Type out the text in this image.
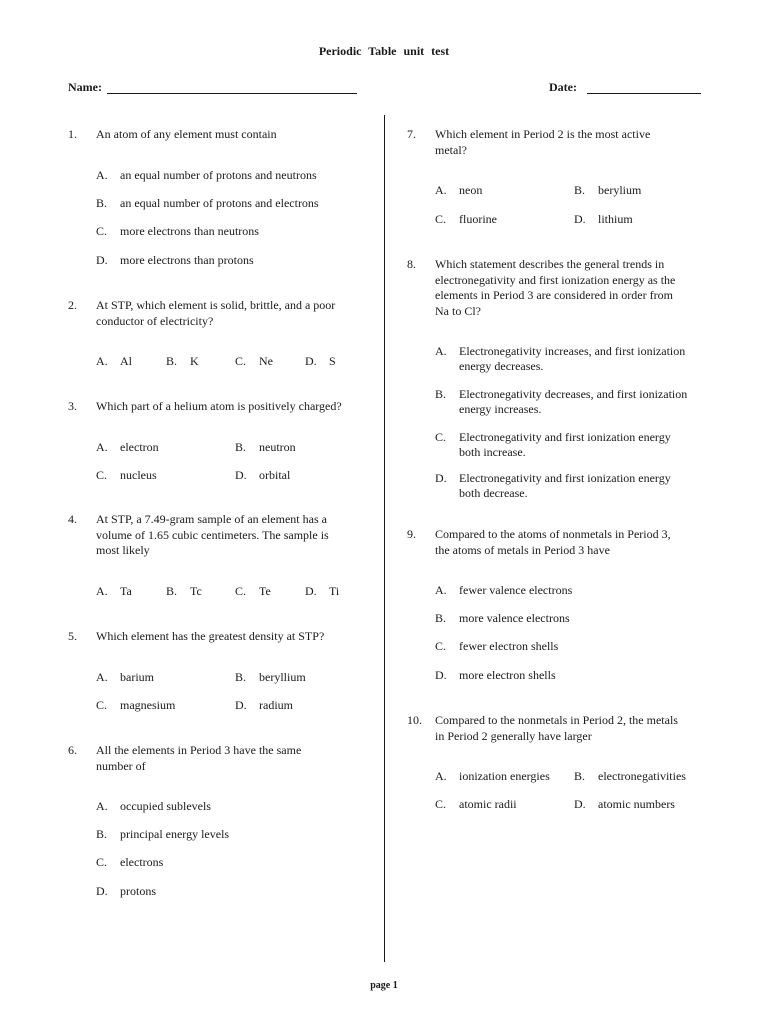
Periodic Table unit test
Name:	Date:
1. An atom of any element must contain
A. an equal number of protons and neutrons
B. an equal number of protons and electrons
C. more electrons than neutrons
D. more electrons than protons
2. At STP, which element is solid, brittle, and a poor
conductor of electricity?
A. Al	B. K	C. Ne	D. S
3. Which part of a helium atom is positively charged?
A. electron	B. neutron
C. nucleus	D. orbital
4. At STP, a 7.49-gram sample of an element has a
volume of 1.65 cubic centimeters. The sample is
most likely
A. Ta	B. Tc	C. Te	D. Ti
5. Which element has the greatest density at STP?
A. barium	B. beryllium
C. magnesium	D. radium
6. All the elements in Period 3 have the same
number of
A. occupied sublevels
B. principal energy levels
C. electrons
D. protons
7. Which element in Period 2 is the most active
metal?
A. neon	B. berylium
C. fluorine	D. lithium
8. Which statement describes the general trends in
electronegativity and first ionization energy as the
elements in Period 3 are considered in order from
Na to Cl?
A. Electronegativity increases, and first ionization
energy decreases.
B. Electronegativity decreases, and first ionization
energy increases.
C. Electronegativity and first ionization energy
both increase.
D. Electronegativity and first ionization energy
both decrease.
9. Compared to the atoms of nonmetals in Period 3,
the atoms of metals in Period 3 have
A. fewer valence electrons
B. more valence electrons
C. fewer electron shells
D. more electron shells
10. Compared to the nonmetals in Period 2, the metals
in Period 2 generally have larger
A. ionization energies B. electronegativities
C. atomic radii	D. atomic numbers
page 1
